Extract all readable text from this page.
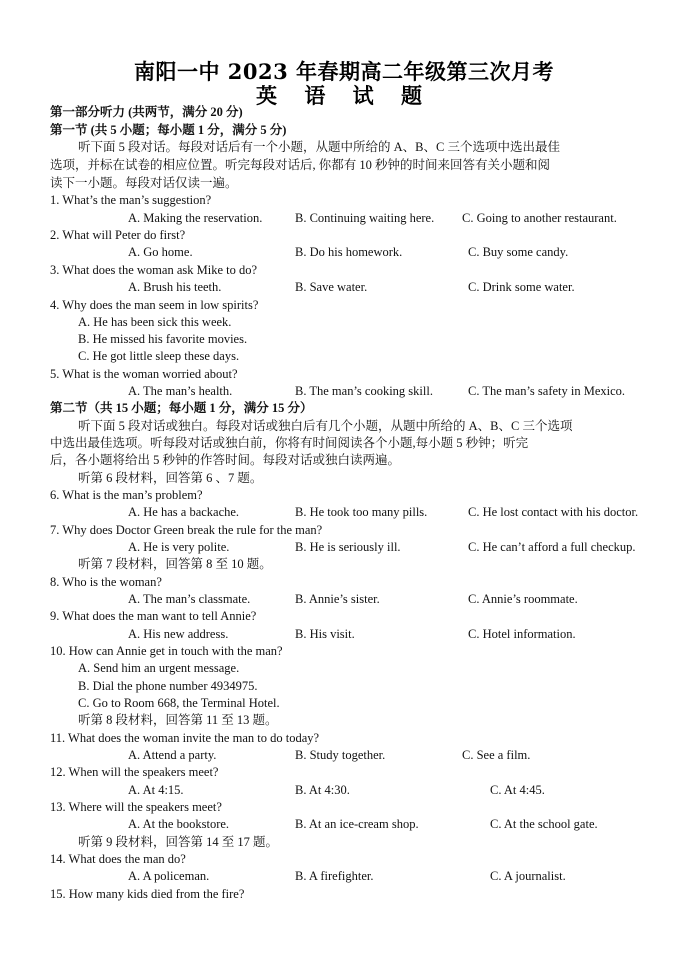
南阳一中 2023 年春期高二年级第三次月考
英 语 试 题
第一部分听力 (共两节，满分 20 分)
第一节 (共 5 小题；每小题 1 分，满分 5 分)
听下面 5 段对话。每段对话后有一个小题，从题中所给的 A、B、C 三个选项中选出最佳
选项，并标在试卷的相应位置。听完每段对话后, 你都有 10 秒钟的时间来回答有关小题和阅
读下一小题。每段对话仅读一遍。
1. What’s the man’s suggestion?
A. Making the reservation.	B. Continuing waiting here. C. Going to another restaurant.
2. What will Peter do first?
A. Go home.	B. Do his homework.	C. Buy some candy.
3. What does the woman ask Mike to do?
A. Brush his teeth.	B. Save water.	C. Drink some water.
4. Why does the man seem in low spirits?
A. He has been sick this week.
B. He missed his favorite movies.
C. He got little sleep these days.
5. What is the woman worried about?
A. The man’s health.	B. The man’s cooking skill.	C. The man’s safety in Mexico.
第二节（共 15 小题；每小题 1 分，满分 15 分）
听下面 5 段对话或独白。每段对话或独白后有几个小题，从题中所给的 A、B、C 三个选项
中选出最佳选项。听每段对话或独白前，你将有时间阅读各个小题,每小题 5 秒钟；听完
后，各小题将给出 5 秒钟的作答时间。每段对话或独白读两遍。
听第 6 段材料，回答第 6 、7 题。
6. What is the man’s problem?
A. He has a backache.	B. He took too many pills.	C. He lost contact with his doctor.
7. Why does Doctor Green break the rule for the man?
A. He is very polite.	B. He is seriously ill.	C. He can’t afford a full checkup.
听第 7 段材料，回答第 8 至 10 题。
8. Who is the woman?
A. The man’s classmate.	B. Annie’s sister.	C. Annie’s roommate.
9. What does the man want to tell Annie?
A. His new address.	B. His visit.	C. Hotel information.
10. How can Annie get in touch with the man?
A. Send him an urgent message.
B. Dial the phone number 4934975.
C. Go to Room 668, the Terminal Hotel.
听第 8 段材料，回答第 11 至 13 题。
11. What does the woman invite the man to do today?
A. Attend a party.	B. Study together.	C. See a film.
12. When will the speakers meet?
A. At 4:15.	B. At 4:30.	C. At 4:45.
13. Where will the speakers meet?
A. At the bookstore.	B. At an ice-cream shop.	C. At the school gate.
听第 9 段材料，回答第 14 至 17 题。
14. What does the man do?
A. A policeman.	B. A firefighter.	C. A journalist.
15. How many kids died from the fire?
